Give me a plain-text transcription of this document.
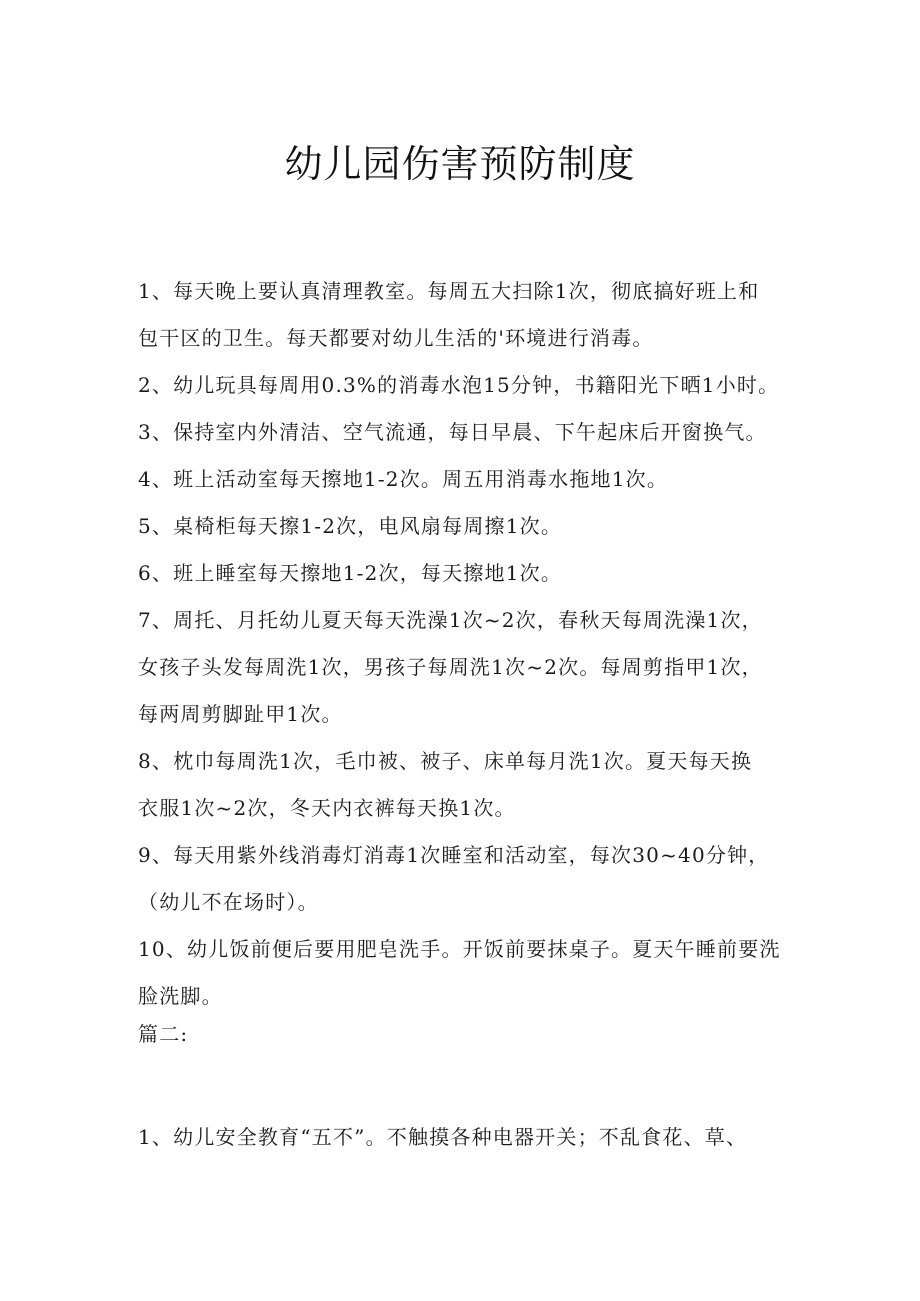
幼儿园伤害预防制度
1、每天晚上要认真清理教室。每周五大扫除1次，彻底搞好班上和
包干区的卫生。每天都要对幼儿生活的'环境进行消毒。
2、幼儿玩具每周用0.3%的消毒水泡15分钟，书籍阳光下晒1小时。
3、保持室内外清洁、空气流通，每日早晨、下午起床后开窗换气。
4、班上活动室每天擦地1-2次。周五用消毒水拖地1次。
5、桌椅柜每天擦1-2次，电风扇每周擦1次。
6、班上睡室每天擦地1-2次，每天擦地1次。
7、周托、月托幼儿夏天每天洗澡1次~2次，春秋天每周洗澡1次，
女孩子头发每周洗1次，男孩子每周洗1次~2次。每周剪指甲1次，
每两周剪脚趾甲1次。
8、枕巾每周洗1次，毛巾被、被子、床单每月洗1次。夏天每天换
衣服1次~2次，冬天内衣裤每天换1次。
9、每天用紫外线消毒灯消毒1次睡室和活动室，每次30~40分钟，
（幼儿不在场时）。
10、幼儿饭前便后要用肥皂洗手。开饭前要抹桌子。夏天午睡前要洗
脸洗脚。
篇二:
1、幼儿安全教育“五不”。不触摸各种电器开关；不乱食花、草、
